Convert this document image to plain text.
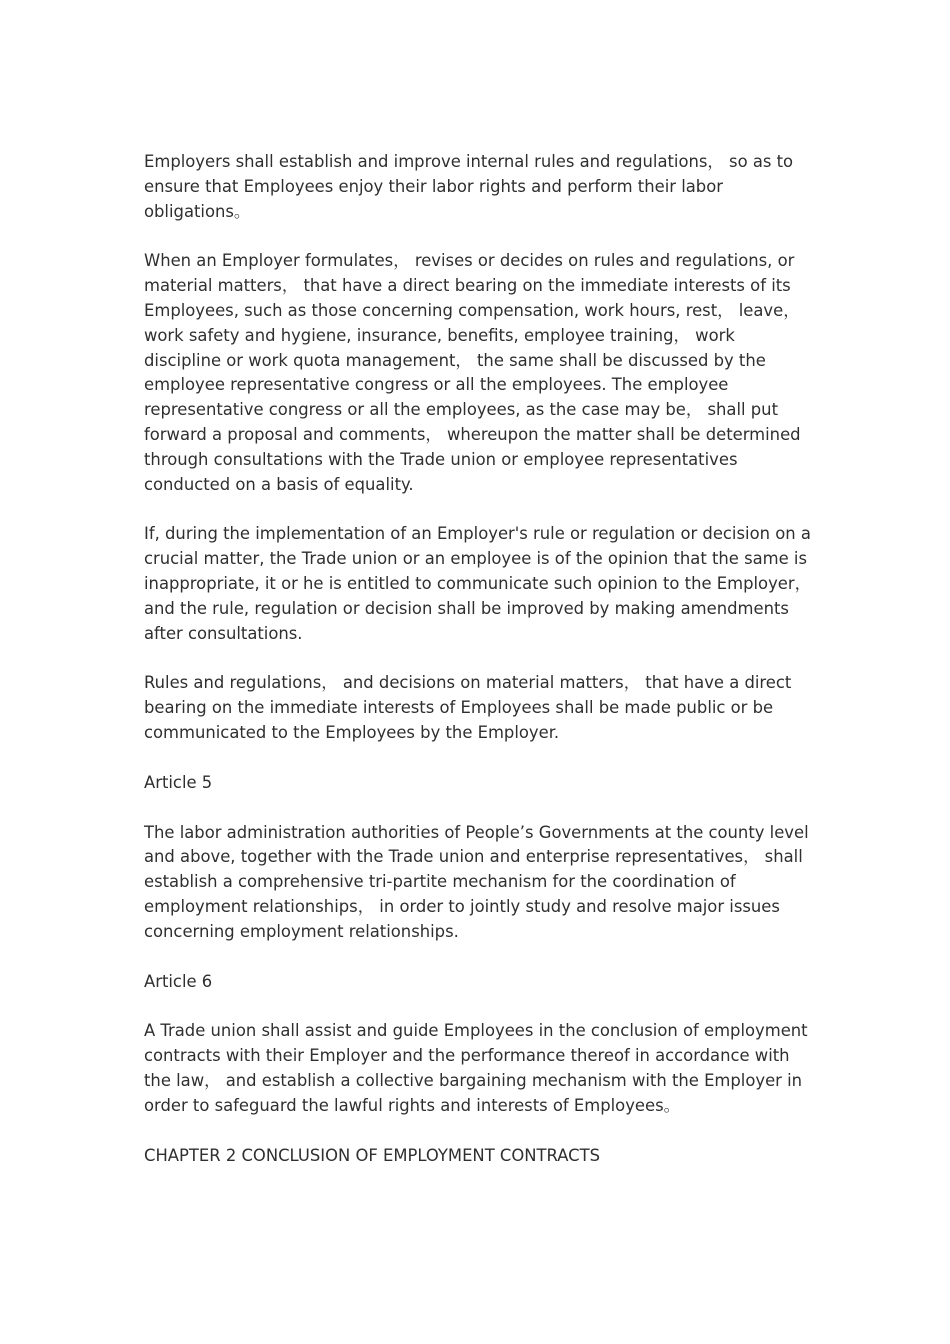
Employers shall establish and improve internal rules and regulations， so as to ensure that Employees enjoy their labor rights and perform their labor obligations。

When an Employer formulates， revises or decides on rules and regulations, or material matters， that have a direct bearing on the immediate interests of its Employees, such as those concerning compensation, work hours, rest， leave， work safety and hygiene, insurance, benefits, employee training， work discipline or work quota management， the same shall be discussed by the employee representative congress or all the employees. The employee representative congress or all the employees, as the case may be， shall put forward a proposal and comments， whereupon the matter shall be determined through consultations with the Trade union or employee representatives conducted on a basis of equality.

If, during the implementation of an Employer's rule or regulation or decision on a crucial matter, the Trade union or an employee is of the opinion that the same is inappropriate, it or he is entitled to communicate such opinion to the Employer， and the rule, regulation or decision shall be improved by making amendments after consultations.

Rules and regulations， and decisions on material matters， that have a direct bearing on the immediate interests of Employees shall be made public or be communicated to the Employees by the Employer.

Article 5

The labor administration authorities of People’s Governments at the county level and above, together with the Trade union and enterprise representatives， shall establish a comprehensive tri-partite mechanism for the coordination of employment relationships， in order to jointly study and resolve major issues concerning employment relationships.

Article 6

A Trade union shall assist and guide Employees in the conclusion of employment contracts with their Employer and the performance thereof in accordance with the law， and establish a collective bargaining mechanism with the Employer in order to safeguard the lawful rights and interests of Employees。

CHAPTER 2 CONCLUSION OF EMPLOYMENT CONTRACTS
